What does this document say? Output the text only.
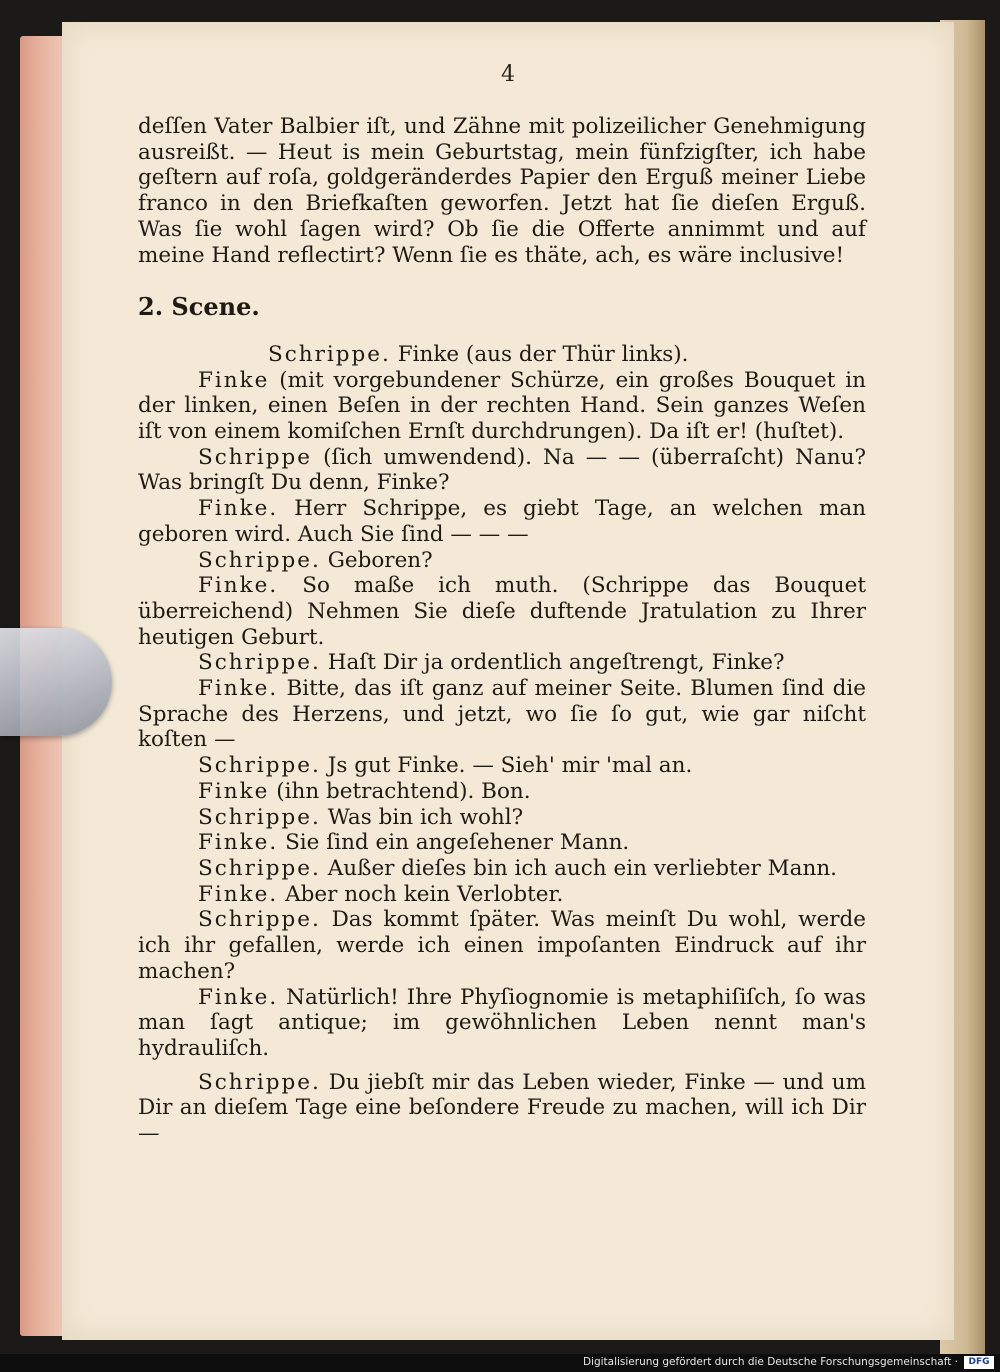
4

deſſen Vater Balbier iſt, und Zähne mit polizeilicher Genehmigung ausreißt. — Heut is mein Geburtstag, mein fünfzigſter, ich habe geſtern auf roſa, goldgeränderdes Papier den Erguß meiner Liebe franco in den Briefkaſten geworfen. Jetzt hat ſie dieſen Erguß. Was ſie wohl ſagen wird? Ob ſie die Offerte annimmt und auf meine Hand reflectirt? Wenn ſie es thäte, ach, es wäre inclusive!

2. Scene.

Schrippe. Finke (aus der Thür links).

Finke (mit vorgebundener Schürze, ein großes Bouquet in der linken, einen Beſen in der rechten Hand. Sein ganzes Weſen iſt von einem komiſchen Ernſt durchdrungen). Da iſt er! (huſtet).

Schrippe (ſich umwendend). Na — — (überraſcht) Nanu? Was bringſt Du denn, Finke?

Finke. Herr Schrippe, es giebt Tage, an welchen man geboren wird. Auch Sie ſind — — —

Schrippe. Geboren?

Finke. So maße ich muth. (Schrippe das Bouquet überreichend) Nehmen Sie dieſe duftende Jratulation zu Ihrer heutigen Geburt.

Schrippe. Haſt Dir ja ordentlich angeſtrengt, Finke?

Finke. Bitte, das iſt ganz auf meiner Seite. Blumen ſind die Sprache des Herzens, und jetzt, wo ſie ſo gut, wie gar niſcht koſten —

Schrippe. Js gut Finke. — Sieh' mir 'mal an.

Finke (ihn betrachtend). Bon.

Schrippe. Was bin ich wohl?

Finke. Sie ſind ein angeſehener Mann.

Schrippe. Außer dieſes bin ich auch ein verliebter Mann.

Finke. Aber noch kein Verlobter.

Schrippe. Das kommt ſpäter. Was meinſt Du wohl, werde ich ihr gefallen, werde ich einen impoſanten Eindruck auf ihr machen?

Finke. Natürlich! Ihre Phyſiognomie is metaphiſiſch, ſo was man ſagt antique; im gewöhnlichen Leben nennt man's hydrauliſch.

Schrippe. Du jiebſt mir das Leben wieder, Finke — und um Dir an dieſem Tage eine beſondere Freude zu machen, will ich Dir —

Digitalisierung gefördert durch die Deutsche Forschungsgemeinschaft ·	DFG
